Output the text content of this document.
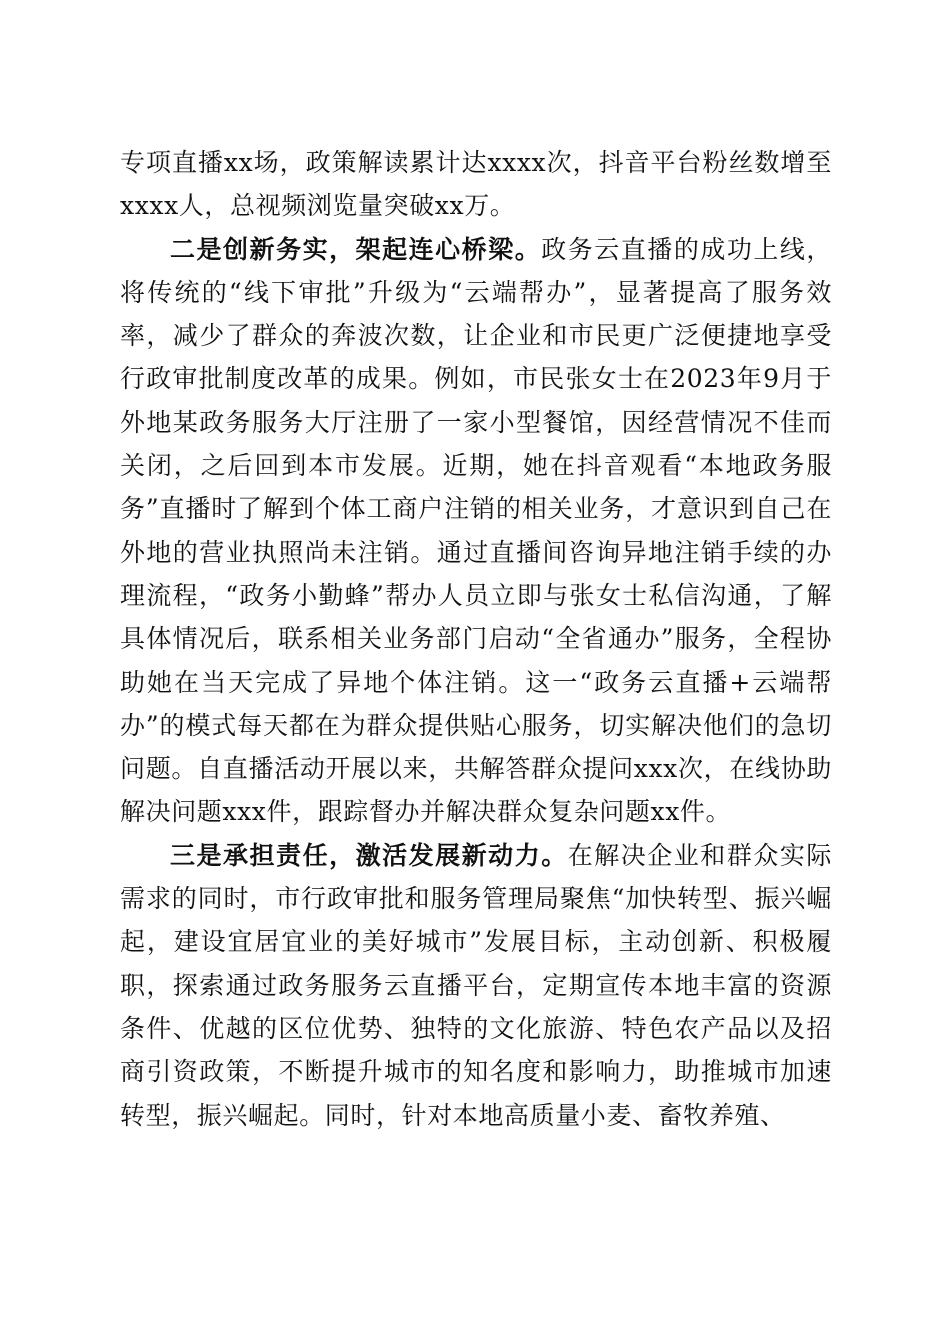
专项直播xx场，政策解读累计达xxxx次，抖音平台粉丝数增至xxxx人，总视频浏览量突破xx万。

二是创新务实，架起连心桥梁。政务云直播的成功上线，将传统的“线下审批”升级为“云端帮办”，显著提高了服务效率，减少了群众的奔波次数，让企业和市民更广泛便捷地享受行政审批制度改革的成果。例如，市民张女士在2023年9月于外地某政务服务大厅注册了一家小型餐馆，因经营情况不佳而关闭，之后回到本市发展。近期，她在抖音观看“本地政务服务”直播时了解到个体工商户注销的相关业务，才意识到自己在外地的营业执照尚未注销。通过直播间咨询异地注销手续的办理流程，“政务小勤蜂”帮办人员立即与张女士私信沟通，了解具体情况后，联系相关业务部门启动“全省通办”服务，全程协助她在当天完成了异地个体注销。这一“政务云直播+云端帮办”的模式每天都在为群众提供贴心服务，切实解决他们的急切问题。自直播活动开展以来，共解答群众提问xxx次，在线协助解决问题xxx件，跟踪督办并解决群众复杂问题xx件。

三是承担责任，激活发展新动力。在解决企业和群众实际需求的同时，市行政审批和服务管理局聚焦“加快转型、振兴崛起，建设宜居宜业的美好城市”发展目标，主动创新、积极履职，探索通过政务服务云直播平台，定期宣传本地丰富的资源条件、优越的区位优势、独特的文化旅游、特色农产品以及招商引资政策，不断提升城市的知名度和影响力，助推城市加速转型，振兴崛起。同时，针对本地高质量小麦、畜牧养殖、
